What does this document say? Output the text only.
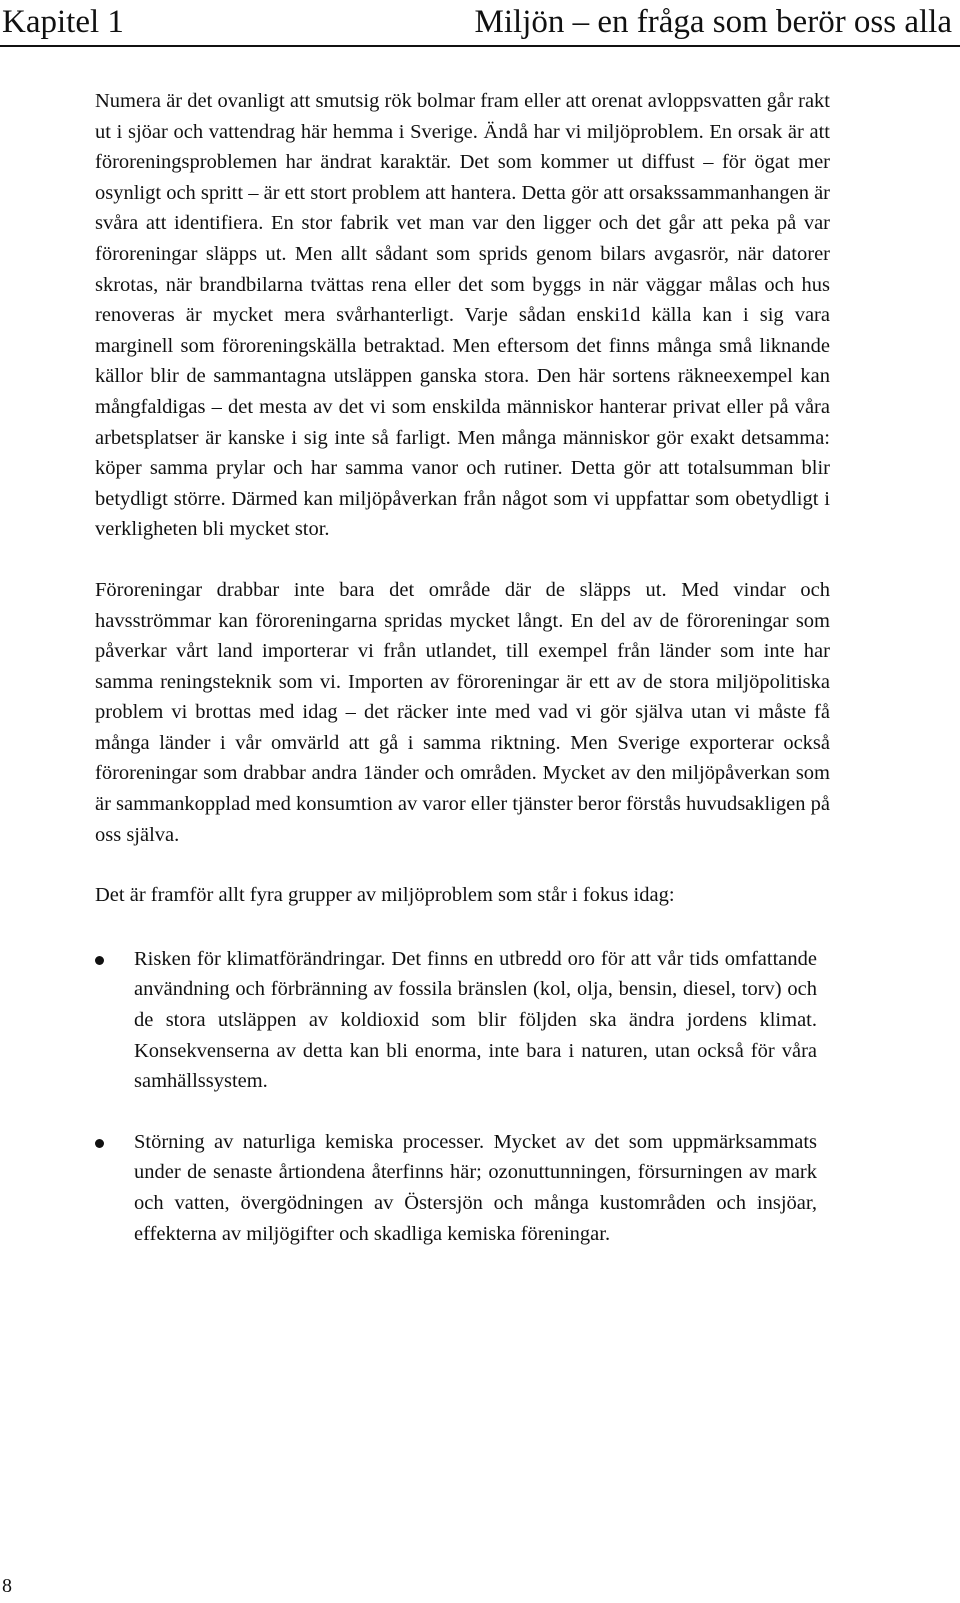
Kapitel 1	Miljön – en fråga som berör oss alla

Numera är det ovanligt att smutsig rök bolmar fram eller att orenat avloppsvatten går rakt ut i sjöar och vattendrag här hemma i Sverige. Ändå har vi miljöproblem. En orsak är att föroreningsproblemen har ändrat karaktär. Det som kommer ut diffust – för ögat mer osynligt och spritt – är ett stort problem att hantera. Detta gör att orsakssammanhangen är svåra att identifiera. En stor fabrik vet man var den ligger och det går att peka på var föroreningar släpps ut. Men allt sådant som sprids genom bilars avgasrör, när datorer skrotas, när brandbilarna tvättas rena eller det som byggs in när väggar målas och hus renoveras är mycket mera svårhanterligt. Varje sådan enski1d källa kan i sig vara marginell som föroreningskälla betraktad. Men eftersom det finns många små liknande källor blir de sammantagna utsläppen ganska stora. Den här sortens räkneexempel kan mångfaldigas – det mesta av det vi som enskilda människor hanterar privat eller på våra arbetsplatser är kanske i sig inte så farligt. Men många människor gör exakt detsamma: köper samma prylar och har samma vanor och rutiner. Detta gör att totalsumman blir betydligt större. Därmed kan miljöpåverkan från något som vi uppfattar som obetydligt i verkligheten bli mycket stor.

Föroreningar drabbar inte bara det område där de släpps ut. Med vindar och havsströmmar kan föroreningarna spridas mycket långt. En del av de föroreningar som påverkar vårt land importerar vi från utlandet, till exempel från länder som inte har samma reningsteknik som vi. Importen av föroreningar är ett av de stora miljöpolitiska problem vi brottas med idag – det räcker inte med vad vi gör själva utan vi måste få många länder i vår omvärld att gå i samma riktning. Men Sverige exporterar också föroreningar som drabbar andra 1änder och områden. Mycket av den miljöpåverkan som är sammankopplad med konsumtion av varor eller tjänster beror förstås huvudsakligen på oss själva.

Det är framför allt fyra grupper av miljöproblem som står i fokus idag:

Risken för klimatförändringar. Det finns en utbredd oro för att vår tids omfattande användning och förbränning av fossila bränslen (kol, olja, bensin, diesel, torv) och de stora utsläppen av koldioxid som blir följden ska ändra jordens klimat. Konsekvenserna av detta kan bli enorma, inte bara i naturen, utan också för våra samhällssystem.

Störning av naturliga kemiska processer. Mycket av det som uppmärksammats under de senaste årtiondena återfinns här; ozonuttunningen, försurningen av mark och vatten, övergödningen av Östersjön och många kustområden och insjöar, effekterna av miljögifter och skadliga kemiska föreningar.

8
